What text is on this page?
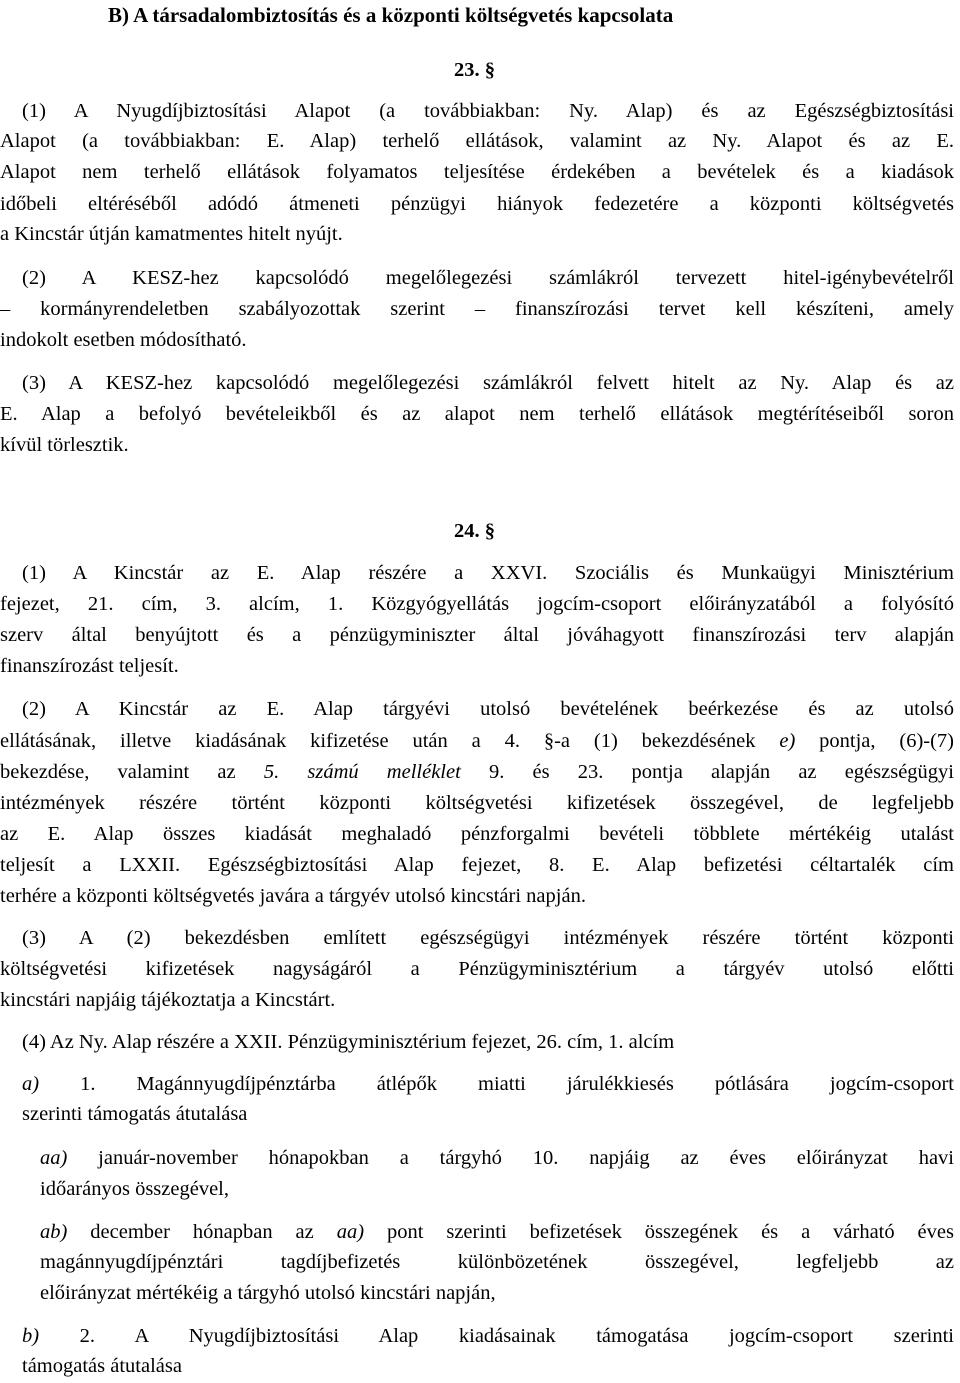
B) A társadalombiztosítás és a központi költségvetés kapcsolata
23. §
(1) A Nyugdíjbiztosítási Alapot (a továbbiakban: Ny. Alap) és az Egészségbiztosítási
Alapot (a továbbiakban: E. Alap) terhelő ellátások, valamint az Ny. Alapot és az E.
Alapot nem terhelő ellátások folyamatos teljesítése érdekében a bevételek és a kiadások
időbeli eltéréséből adódó átmeneti pénzügyi hiányok fedezetére a központi költségvetés
a Kincstár útján kamatmentes hitelt nyújt.
(2) A KESZ-hez kapcsolódó megelőlegezési számlákról tervezett hitel-igénybevételről
– kormányrendeletben szabályozottak szerint – finanszírozási tervet kell készíteni, amely
indokolt esetben módosítható.
(3) A KESZ-hez kapcsolódó megelőlegezési számlákról felvett hitelt az Ny. Alap és az
E. Alap a befolyó bevételeikből és az alapot nem terhelő ellátások megtérítéseiből soron
kívül törlesztik.
24. §
(1) A Kincstár az E. Alap részére a XXVI. Szociális és Munkaügyi Minisztérium
fejezet, 21. cím, 3. alcím, 1. Közgyógyellátás jogcím-csoport előirányzatából a folyósító
szerv által benyújtott és a pénzügyminiszter által jóváhagyott finanszírozási terv alapján
finanszírozást teljesít.
(2) A Kincstár az E. Alap tárgyévi utolsó bevételének beérkezése és az utolsó
ellátásának, illetve kiadásának kifizetése után a 4. §-a (1) bekezdésének e) pontja, (6)-(7)
bekezdése, valamint az 5. számú melléklet 9. és 23. pontja alapján az egészségügyi
intézmények részére történt központi költségvetési kifizetések összegével, de legfeljebb
az E. Alap összes kiadását meghaladó pénzforgalmi bevételi többlete mértékéig utalást
teljesít a LXXII. Egészségbiztosítási Alap fejezet, 8. E. Alap befizetési céltartalék cím
terhére a központi költségvetés javára a tárgyév utolsó kincstári napján.
(3) A (2) bekezdésben említett egészségügyi intézmények részére történt központi
költségvetési kifizetések nagyságáról a Pénzügyminisztérium a tárgyév utolsó előtti
kincstári napjáig tájékoztatja a Kincstárt.
(4) Az Ny. Alap részére a XXII. Pénzügyminisztérium fejezet, 26. cím, 1. alcím
a) 1. Magánnyugdíjpénztárba átlépők miatti járulékkiesés pótlására jogcím-csoport
szerinti támogatás átutalása
aa) január-november hónapokban a tárgyhó 10. napjáig az éves előirányzat havi
időarányos összegével,
ab) december hónapban az aa) pont szerinti befizetések összegének és a várható éves
magánnyugdíjpénztári tagdíjbefizetés különbözetének összegével, legfeljebb az
előirányzat mértékéig a tárgyhó utolsó kincstári napján,
b) 2. A Nyugdíjbiztosítási Alap kiadásainak támogatása jogcím-csoport szerinti
támogatás átutalása
